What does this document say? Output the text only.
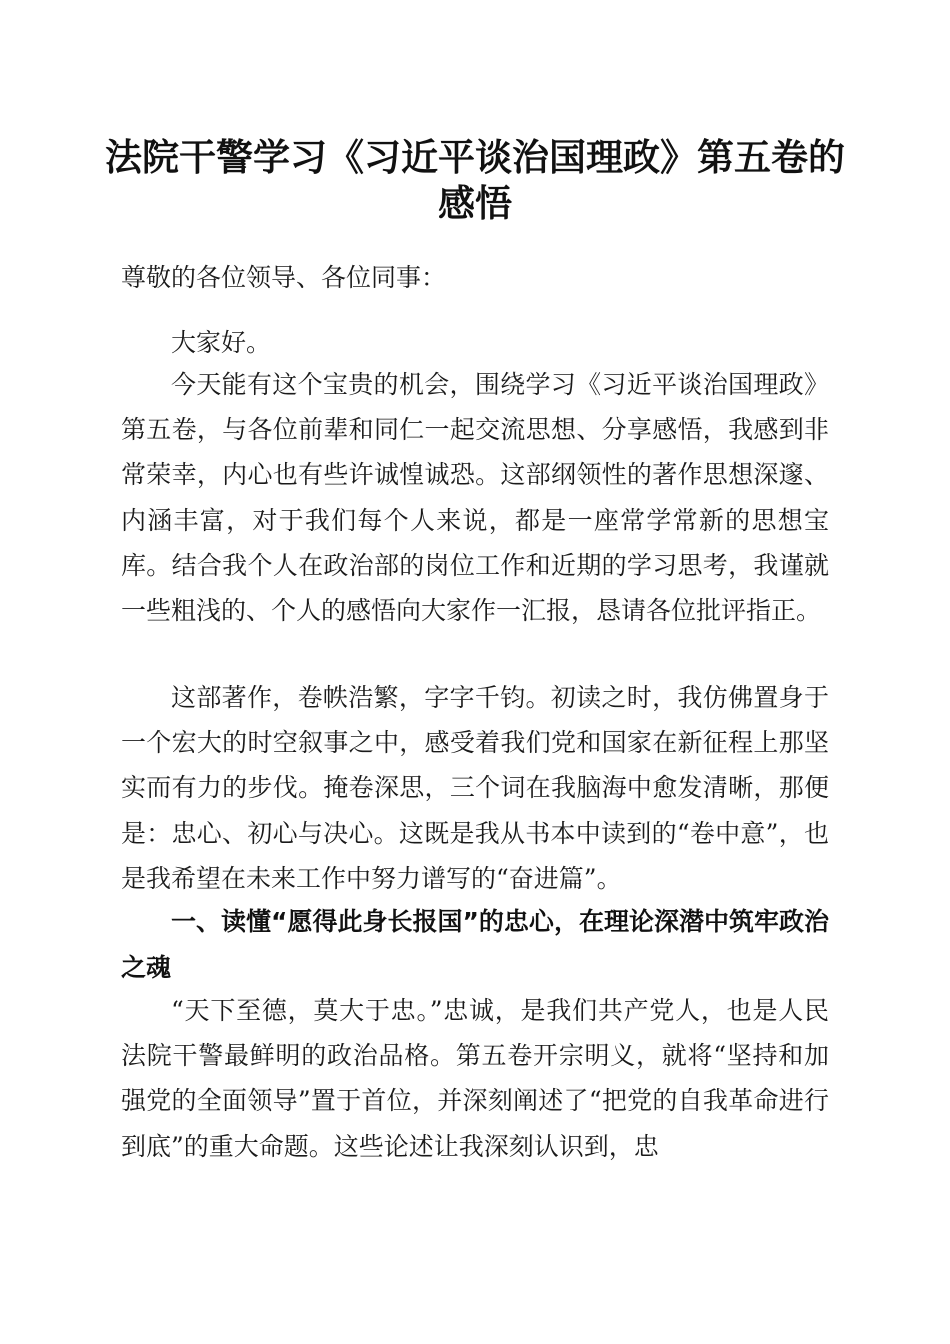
法院干警学习《习近平谈治国理政》第五卷的感悟

尊敬的各位领导、各位同事：

大家好。

今天能有这个宝贵的机会，围绕学习《习近平谈治国理政》第五卷，与各位前辈和同仁一起交流思想、分享感悟，我感到非常荣幸，内心也有些许诚惶诚恐。这部纲领性的著作思想深邃、内涵丰富，对于我们每个人来说，都是一座常学常新的思想宝库。结合我个人在政治部的岗位工作和近期的学习思考，我谨就一些粗浅的、个人的感悟向大家作一汇报，恳请各位批评指正。

这部著作，卷帙浩繁，字字千钧。初读之时，我仿佛置身于一个宏大的时空叙事之中，感受着我们党和国家在新征程上那坚实而有力的步伐。掩卷深思，三个词在我脑海中愈发清晰，那便是：忠心、初心与决心。这既是我从书本中读到的“卷中意”，也是我希望在未来工作中努力谱写的“奋进篇”。

一、读懂“愿得此身长报国”的忠心，在理论深潜中筑牢政治之魂

“天下至德，莫大于忠。”忠诚，是我们共产党人，也是人民法院干警最鲜明的政治品格。第五卷开宗明义，就将“坚持和加强党的全面领导”置于首位，并深刻阐述了“把党的自我革命进行到底”的重大命题。这些论述让我深刻认识到，忠
